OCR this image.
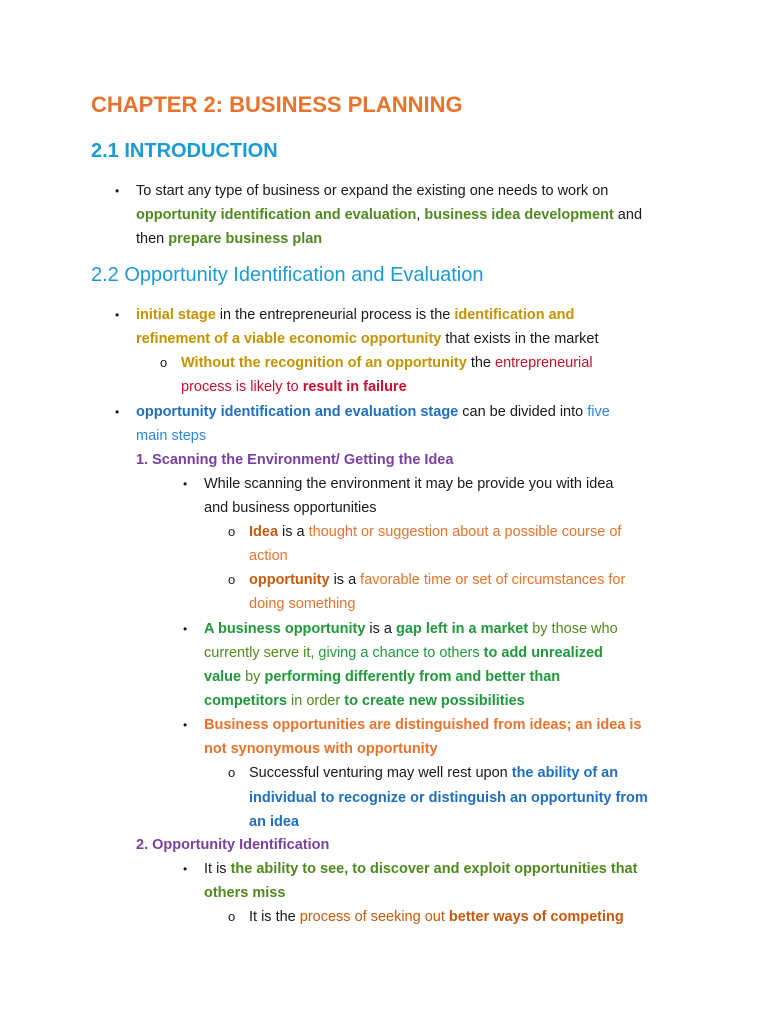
CHAPTER 2: BUSINESS PLANNING
2.1 INTRODUCTION
• To start any type of business or expand the existing one needs to work on
opportunity identification and evaluation, business idea development and
then prepare business plan
2.2 Opportunity Identification and Evaluation
• initial stage in the entrepreneurial process is the identification and
refinement of a viable economic opportunity that exists in the market
o Without the recognition of an opportunity the entrepreneurial
process is likely to result in failure
• opportunity identification and evaluation stage can be divided into five
main steps
1. Scanning the Environment/ Getting the Idea
• While scanning the environment it may be provide you with idea
and business opportunities
o Idea is a thought or suggestion about a possible course of
action
o opportunity is a favorable time or set of circumstances for
doing something
• A business opportunity is a gap left in a market by those who
currently serve it, giving a chance to others to add unrealized
value by performing differently from and better than
competitors in order to create new possibilities
• Business opportunities are distinguished from ideas; an idea is
not synonymous with opportunity
o Successful venturing may well rest upon the ability of an
individual to recognize or distinguish an opportunity from
an idea
2. Opportunity Identification
• It is the ability to see, to discover and exploit opportunities that
others miss
o It is the process of seeking out better ways of competing
